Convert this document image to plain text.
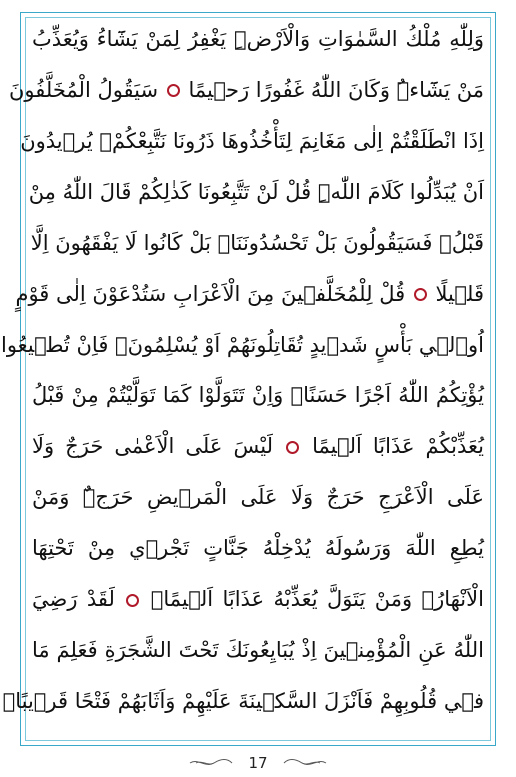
وَلِلّٰهِ مُلْكُ السَّمٰوَاتِ وَالْاَرْضِۜ يَغْفِرُ لِمَنْ يَشَٓاءُ وَيُعَذِّبُ
مَنْ يَشَٓاءُۜ وَكَانَ اللّٰهُ غَفُورًا رَح۪يمًا  سَيَقُولُ الْمُخَلَّفُونَ
اِذَا انْطَلَقْتُمْ اِلٰى مَغَانِمَ لِتَأْخُذُوهَا ذَرُونَا نَتَّبِعْكُمْۚ يُر۪يدُونَ
اَنْ يُبَدِّلُوا كَلَامَ اللّٰهِۜ قُلْ لَنْ تَتَّبِعُونَا كَذٰلِكُمْ قَالَ اللّٰهُ مِنْ
قَبْلُۚ فَسَيَقُولُونَ بَلْ تَحْسُدُونَنَاۜ بَلْ كَانُوا لَا يَفْقَهُونَ اِلَّا
قَل۪يلًا  قُلْ لِلْمُخَلَّف۪ينَ مِنَ الْاَعْرَابِ سَتُدْعَوْنَ اِلٰى قَوْمٍ
اُو۬ل۪ي بَأْسٍ شَد۪يدٍ تُقَاتِلُونَهُمْ اَوْ يُسْلِمُونَۚ فَاِنْ تُط۪يعُوا
يُؤْتِكُمُ اللّٰهُ اَجْرًا حَسَنًاۚ وَاِنْ تَتَوَلَّوْا كَمَا تَوَلَّيْتُمْ مِنْ قَبْلُ
يُعَذِّبْكُمْ عَذَابًا اَل۪يمًا  لَيْسَ عَلَى الْاَعْمٰى حَرَجٌ وَلَا
عَلَى الْاَعْرَجِ حَرَجٌ وَلَا عَلَى الْمَر۪يضِ حَرَجٌۜ وَمَنْ
يُطِعِ اللّٰهَ وَرَسُولَهُ يُدْخِلْهُ جَنَّاتٍ تَجْر۪ي مِنْ تَحْتِهَا
الْاَنْهَارُۚ وَمَنْ يَتَوَلَّ يُعَذِّبْهُ عَذَابًا اَل۪يمًاࣖ  لَقَدْ رَضِيَ
اللّٰهُ عَنِ الْمُؤْمِن۪ينَ اِذْ يُبَايِعُونَكَ تَحْتَ الشَّجَرَةِ فَعَلِمَ مَا
ف۪ي قُلُوبِهِمْ فَاَنْزَلَ السَّك۪ينَةَ عَلَيْهِمْ وَاَثَابَهُمْ فَتْحًا قَر۪يبًاۙ
17
